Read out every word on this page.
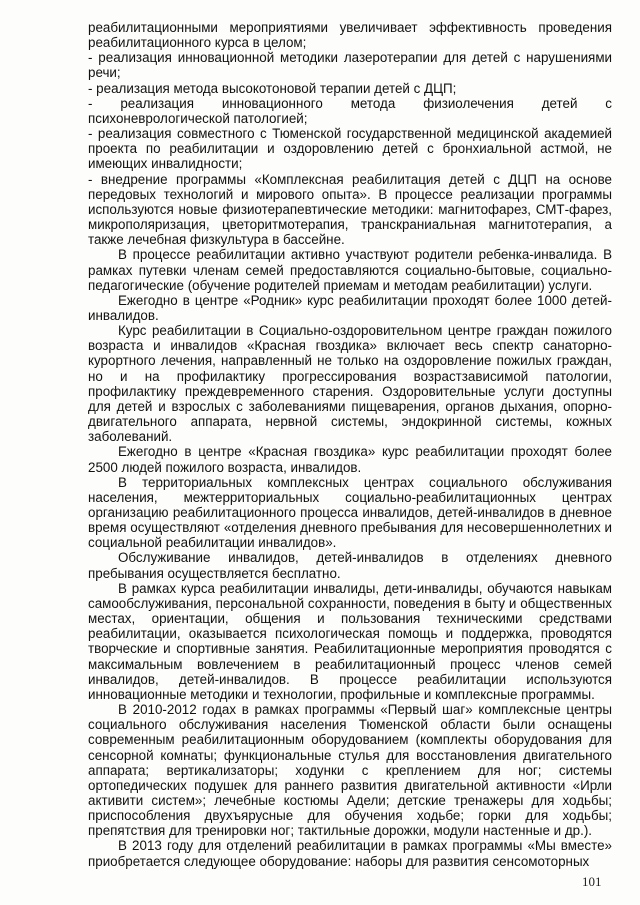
реабилитационными мероприятиями увеличивает эффективность проведения реабилитационного курса в целом;

- реализация инновационной методики лазеротерапии для детей с нарушениями речи;

- реализация метода высокотоновой терапии детей с ДЦП;

- реализация инновационного метода физиолечения детей с психоневрологической патологией;

- реализация совместного с Тюменской государственной медицинской академией проекта по реабилитации и оздоровлению детей с бронхиальной астмой, не имеющих инвалидности;

- внедрение программы «Комплексная реабилитация детей с ДЦП на основе передовых технологий и мирового опыта». В процессе реализации программы используются новые физиотерапевтические методики: магнитофарез, СМТ-фарез, микрополяризация, цветоритмотерапия, транскраниальная магнитотерапия, а также лечебная физкультура в бассейне.

В процессе реабилитации активно участвуют родители ребенка-инвалида. В рамках путевки членам семей предоставляются социально-бытовые, социально-педагогические (обучение родителей приемам и методам реабилитации) услуги.

Ежегодно в центре «Родник» курс реабилитации проходят более 1000 детей-инвалидов.

Курс реабилитации в Социально-оздоровительном центре граждан пожилого возраста и инвалидов «Красная гвоздика» включает весь спектр санаторно-курортного лечения, направленный не только на оздоровление пожилых граждан, но и на профилактику прогрессирования возрастзависимой патологии, профилактику преждевременного старения. Оздоровительные услуги доступны для детей и взрослых с заболеваниями пищеварения, органов дыхания, опорно-двигательного аппарата, нервной системы, эндокринной системы, кожных заболеваний.

Ежегодно в центре «Красная гвоздика» курс реабилитации проходят более 2500 людей пожилого возраста, инвалидов.

В территориальных комплексных центрах социального обслуживания населения, межтерриториальных социально-реабилитационных центрах организацию реабилитационного процесса инвалидов, детей-инвалидов в дневное время осуществляют «отделения дневного пребывания для несовершеннолетних и социальной реабилитации инвалидов».

Обслуживание инвалидов, детей-инвалидов в отделениях дневного пребывания осуществляется бесплатно.

В рамках курса реабилитации инвалиды, дети-инвалиды, обучаются навыкам самообслуживания, персональной сохранности, поведения в быту и общественных местах, ориентации, общения и пользования техническими средствами реабилитации, оказывается психологическая помощь и поддержка, проводятся творческие и спортивные занятия. Реабилитационные мероприятия проводятся с максимальным вовлечением в реабилитационный процесс членов семей инвалидов, детей-инвалидов. В процессе реабилитации используются инновационные методики и технологии, профильные и комплексные программы.

В 2010-2012 годах в рамках программы «Первый шаг» комплексные центры социального обслуживания населения Тюменской области были оснащены современным реабилитационным оборудованием (комплекты оборудования для сенсорной комнаты; функциональные стулья для восстановления двигательного аппарата; вертикализаторы; ходунки с креплением для ног; системы ортопедических подушек для раннего развития двигательной активности «Ирли активити систем»; лечебные костюмы Адели; детские тренажеры для ходьбы; приспособления двухъярусные для обучения ходьбе; горки для ходьбы; препятствия для тренировки ног; тактильные дорожки, модули настенные и др.).

В 2013 году для отделений реабилитации в рамках программы «Мы вместе» приобретается следующее оборудование: наборы для развития сенсомоторных

101
